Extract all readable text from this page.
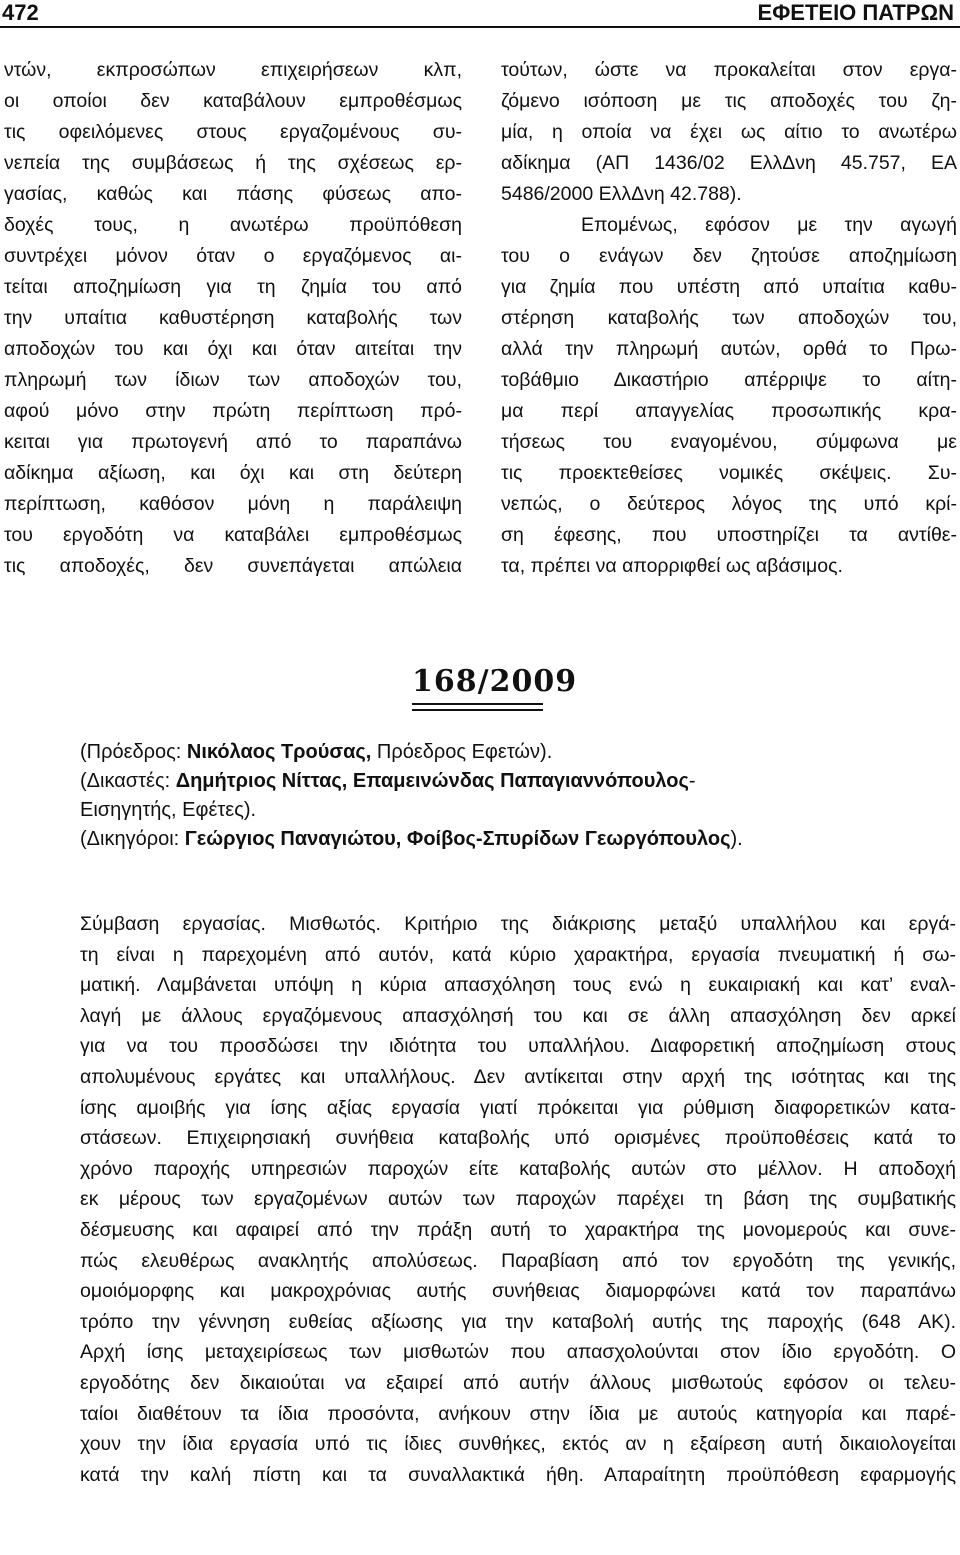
472	ΕΦΕΤΕΙΟ ΠΑΤΡΩΝ
ντών, εκπροσώπων επιχειρήσεων κλπ,
οι οποίοι δεν καταβάλουν εμπροθέσμως
τις οφειλόμενες στους εργαζομένους συ-
νεπεία της συμβάσεως ή της σχέσεως ερ-
γασίας, καθώς και πάσης φύσεως απο-
δοχές τους, η ανωτέρω προϋπόθεση
συντρέχει μόνον όταν ο εργαζόμενος αι-
τείται αποζημίωση για τη ζημία του από
την υπαίτια καθυστέρηση καταβολής των
αποδοχών του και όχι και όταν αιτείται την
πληρωμή των ίδιων των αποδοχών του,
αφού μόνο στην πρώτη περίπτωση πρό-
κειται για πρωτογενή από το παραπάνω
αδίκημα αξίωση, και όχι και στη δεύτερη
περίπτωση, καθόσον μόνη η παράλειψη
του εργοδότη να καταβάλει εμπροθέσμως
τις αποδοχές, δεν συνεπάγεται απώλεια
τούτων, ώστε να προκαλείται στον εργα-
ζόμενο ισόποση με τις αποδοχές του ζη-
μία, η οποία να έχει ως αίτιο το ανωτέρω
αδίκημα (ΑΠ 1436/02 ΕλλΔνη 45.757, ΕΑ
5486/2000 ΕλλΔνη 42.788).
Επομένως, εφόσον με την αγωγή
του ο ενάγων δεν ζητούσε αποζημίωση
για ζημία που υπέστη από υπαίτια καθυ-
στέρηση καταβολής των αποδοχών του,
αλλά την πληρωμή αυτών, ορθά το Πρω-
τοβάθμιο Δικαστήριο απέρριψε το αίτη-
μα περί απαγγελίας προσωπικής κρα-
τήσεως του εναγομένου, σύμφωνα με
τις προεκτεθείσες νομικές σκέψεις. Συ-
νεπώς, ο δεύτερος λόγος της υπό κρί-
ση έφεσης, που υποστηρίζει τα αντίθε-
τα, πρέπει να απορριφθεί ως αβάσιμος.
168/2009
(Πρόεδρος: Νικόλαος Τρούσας, Πρόεδρος Εφετών).
(Δικαστές: Δημήτριος Νίττας, Επαμεινώνδας Παπαγιαννόπουλος-
Εισηγητής, Εφέτες).
(Δικηγόροι: Γεώργιος Παναγιώτου, Φοίβος-Σπυρίδων Γεωργόπουλος).
Σύμβαση εργασίας. Μισθωτός. Κριτήριο της διάκρισης μεταξύ υπαλλήλου και εργά-
τη είναι η παρεχομένη από αυτόν, κατά κύριο χαρακτήρα, εργασία πνευματική ή σω-
ματική. Λαμβάνεται υπόψη η κύρια απασχόληση τους ενώ η ευκαιριακή και κατ’ εναλ-
λαγή με άλλους εργαζόμενους απασχόλησή του και σε άλλη απασχόληση δεν αρκεί
για να του προσδώσει την ιδιότητα του υπαλλήλου. Διαφορετική αποζημίωση στους
απολυμένους εργάτες και υπαλλήλους. Δεν αντίκειται στην αρχή της ισότητας και της
ίσης αμοιβής για ίσης αξίας εργασία γιατί πρόκειται για ρύθμιση διαφορετικών κατα-
στάσεων. Επιχειρησιακή συνήθεια καταβολής υπό ορισμένες προϋποθέσεις κατά το
χρόνο παροχής υπηρεσιών παροχών είτε καταβολής αυτών στο μέλλον. Η αποδοχή
εκ μέρους των εργαζομένων αυτών των παροχών παρέχει τη βάση της συμβατικής
δέσμευσης και αφαιρεί από την πράξη αυτή το χαρακτήρα της μονομερούς και συνε-
πώς ελευθέρως ανακλητής απολύσεως. Παραβίαση από τον εργοδότη της γενικής,
ομοιόμορφης και μακροχρόνιας αυτής συνήθειας διαμορφώνει κατά τον παραπάνω
τρόπο την γέννηση ευθείας αξίωσης για την καταβολή αυτής της παροχής (648 ΑΚ).
Αρχή ίσης μεταχειρίσεως των μισθωτών που απασχολούνται στον ίδιο εργοδότη. Ο
εργοδότης δεν δικαιούται να εξαιρεί από αυτήν άλλους μισθωτούς εφόσον οι τελευ-
ταίοι διαθέτουν τα ίδια προσόντα, ανήκουν στην ίδια με αυτούς κατηγορία και παρέ-
χουν την ίδια εργασία υπό τις ίδιες συνθήκες, εκτός αν η εξαίρεση αυτή δικαιολογείται
κατά την καλή πίστη και τα συναλλακτικά ήθη. Απαραίτητη προϋπόθεση εφαρμογής
